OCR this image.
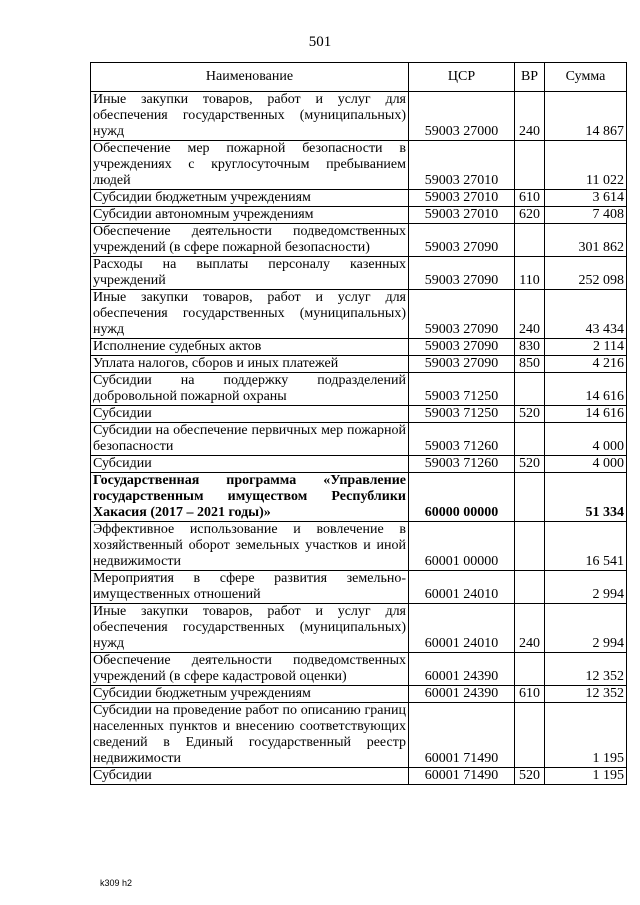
501
Наименование	ЦСР	ВР	Сумма
Иные закупки товаров, работ и услуг для обеспечения государственных (муниципальных) нужд	59003 27000	240	14 867
Обеспечение мер пожарной безопасности в учреждениях с круглосуточным пребыванием людей	59003 27010		11 022
Субсидии бюджетным учреждениям	59003 27010	610	3 614
Субсидии автономным учреждениям	59003 27010	620	7 408
Обеспечение деятельности подведомственных учреждений (в сфере пожарной безопасности)	59003 27090		301 862
Расходы на выплаты персоналу казенных учреждений	59003 27090	110	252 098
Иные закупки товаров, работ и услуг для обеспечения государственных (муниципальных) нужд	59003 27090	240	43 434
Исполнение судебных актов	59003 27090	830	2 114
Уплата налогов, сборов и иных платежей	59003 27090	850	4 216
Субсидии на поддержку подразделений добровольной пожарной охраны	59003 71250		14 616
Субсидии	59003 71250	520	14 616
Субсидии на обеспечение первичных мер пожарной безопасности	59003 71260		4 000
Субсидии	59003 71260	520	4 000
Государственная программа «Управление государственным имуществом Республики Хакасия (2017 – 2021 годы)»	60000 00000		51 334
Эффективное использование и вовлечение в хозяйственный оборот земельных участков и иной недвижимости	60001 00000		16 541
Мероприятия в сфере развития земельно-имущественных отношений	60001 24010		2 994
Иные закупки товаров, работ и услуг для обеспечения государственных (муниципальных) нужд	60001 24010	240	2 994
Обеспечение деятельности подведомственных учреждений (в сфере кадастровой оценки)	60001 24390		12 352
Субсидии бюджетным учреждениям	60001 24390	610	12 352
Субсидии на проведение работ по описанию границ населенных пунктов и внесению соответствующих сведений в Единый государственный реестр недвижимости	60001 71490		1 195
Субсидии	60001 71490	520	1 195
k309 h2
